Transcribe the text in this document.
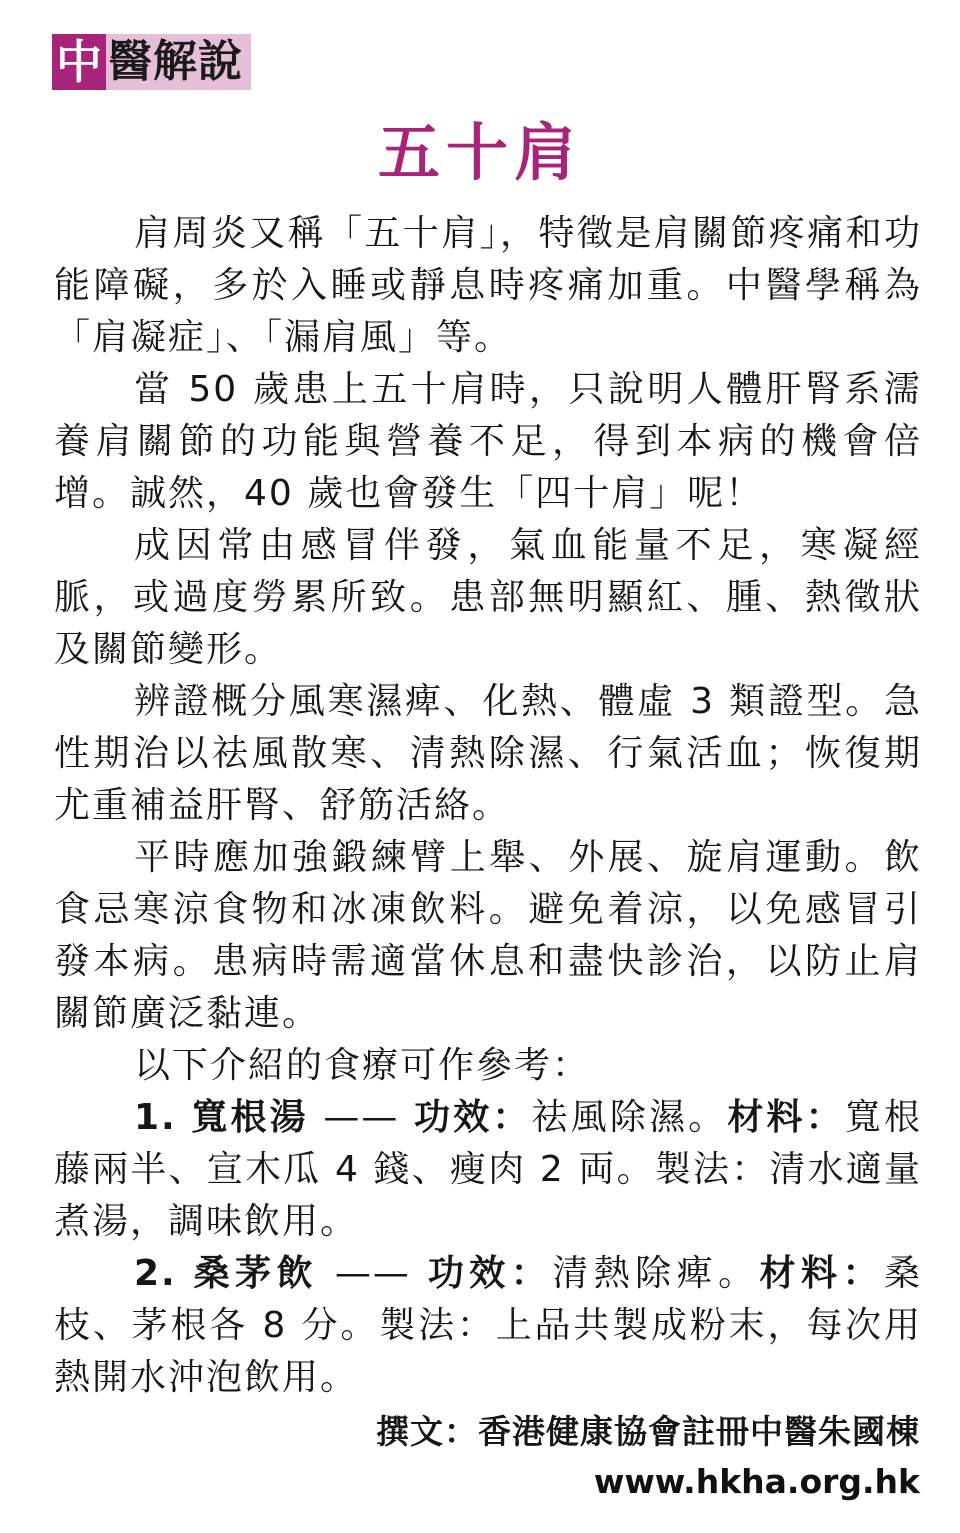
中 醫解說
五十肩

肩周炎又稱「五十肩」，特徵是肩關節疼痛和功能障礙，多於入睡或靜息時疼痛加重。中醫學稱為「肩凝症」、「漏肩風」等。

當 50 歲患上五十肩時，只說明人體肝腎系濡養肩關節的功能與營養不足，得到本病的機會倍增。誠然，40 歲也會發生「四十肩」呢！

成因常由感冒伴發，氣血能量不足，寒凝經脈，或過度勞累所致。患部無明顯紅、腫、熱徵狀及關節變形。

辨證概分風寒濕痺、化熱、體虛 3 類證型。急性期治以祛風散寒、清熱除濕、行氣活血；恢復期尤重補益肝腎、舒筋活絡。

平時應加強鍛練臂上舉、外展、旋肩運動。飲食忌寒涼食物和冰凍飲料。避免着涼，以免感冒引發本病。患病時需適當休息和盡快診治，以防止肩關節廣泛黏連。

以下介紹的食療可作參考：

1. 寬根湯 —— 功效：祛風除濕。材料：寬根藤兩半、宣木瓜 4 錢、瘦肉 2 両。製法：清水適量煮湯，調味飲用。

2. 桑茅飲 —— 功效：清熱除痺。材料：桑枝、茅根各 8 分。製法：上品共製成粉末，每次用熱開水沖泡飲用。

撰文：香港健康協會註冊中醫朱國棟
www.hkha.org.hk
